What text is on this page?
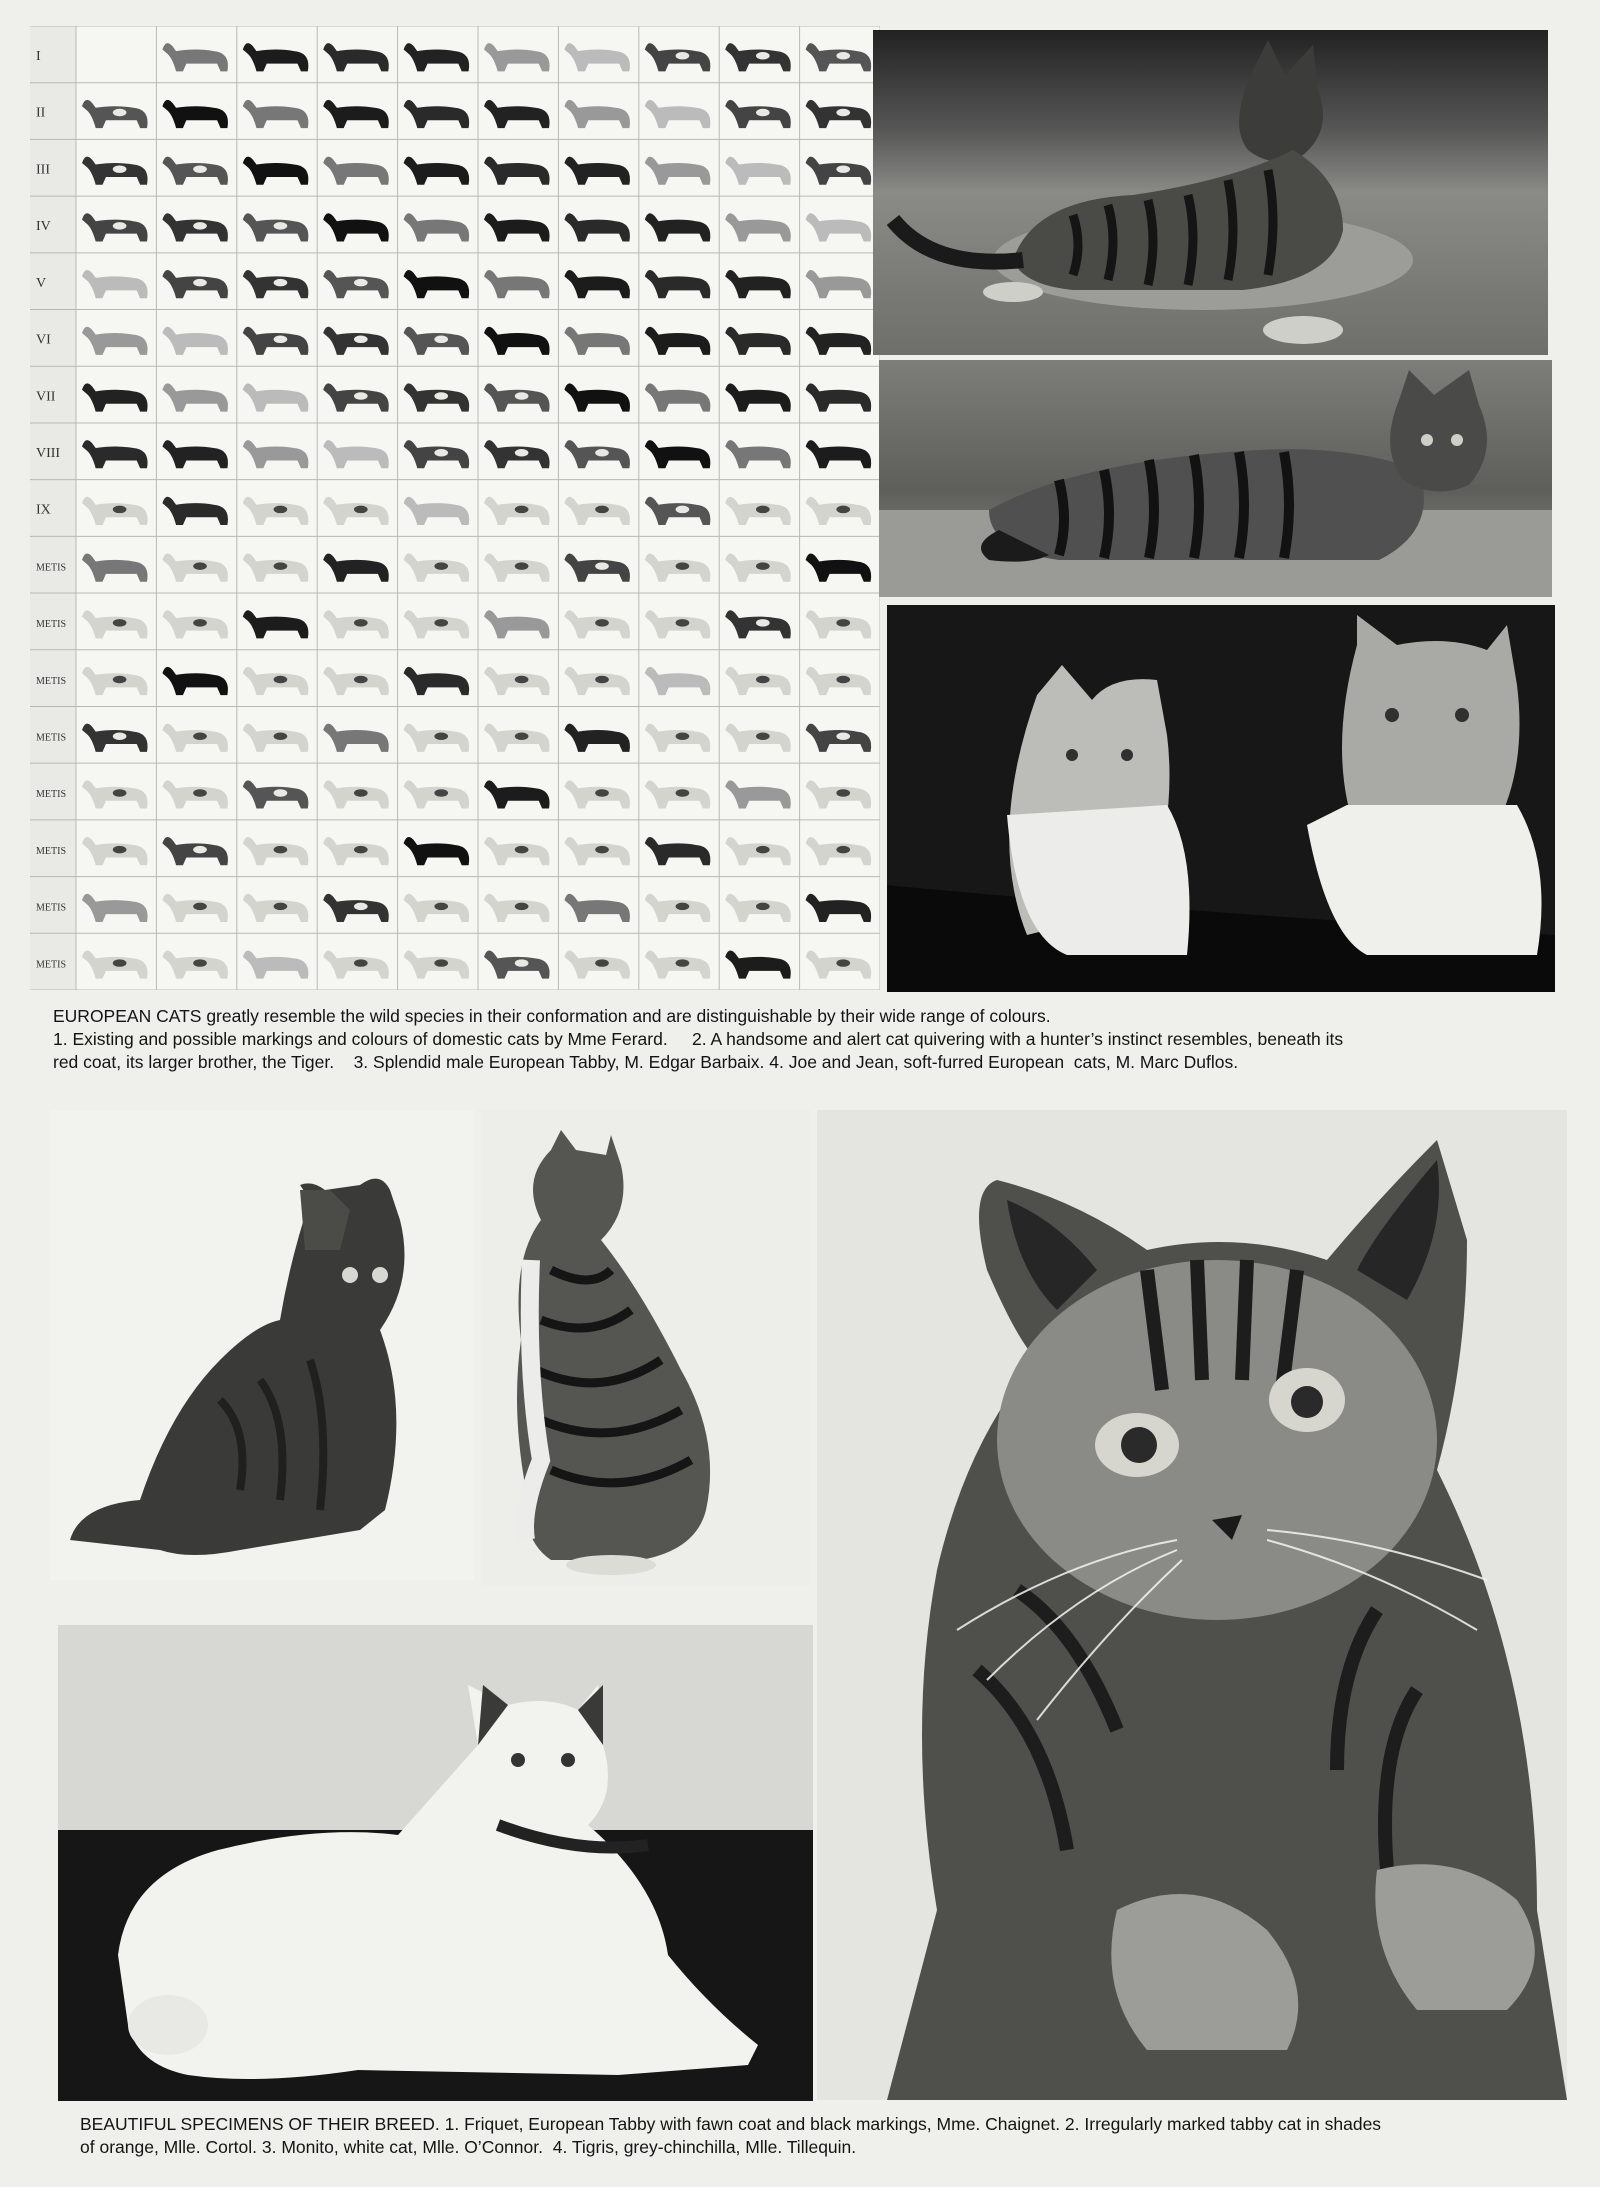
I
II
III
IV
V
VI
VII
VIII
IX
METIS
METIS
METIS
METIS
METIS
METIS
METIS
METIS
EUROPEAN CATS greatly resemble the wild species in their conformation and are distinguishable by their wide range of colours.
1. Existing and possible markings and colours of domestic cats by Mme Ferard.     2. A handsome and alert cat quivering with a hunter’s instinct resembles, beneath its
red coat, its larger brother, the Tiger.    3. Splendid male European Tabby, M. Edgar Barbaix. 4. Joe and Jean, soft-furred European  cats, M. Marc Duflos.
BEAUTIFUL SPECIMENS OF THEIR BREED. 1. Friquet, European Tabby with fawn coat and black markings, Mme. Chaignet. 2. Irregularly marked tabby cat in shades
of orange, Mlle. Cortol. 3. Monito, white cat, Mlle. O’Connor.  4. Tigris, grey-chinchilla, Mlle. Tillequin.
